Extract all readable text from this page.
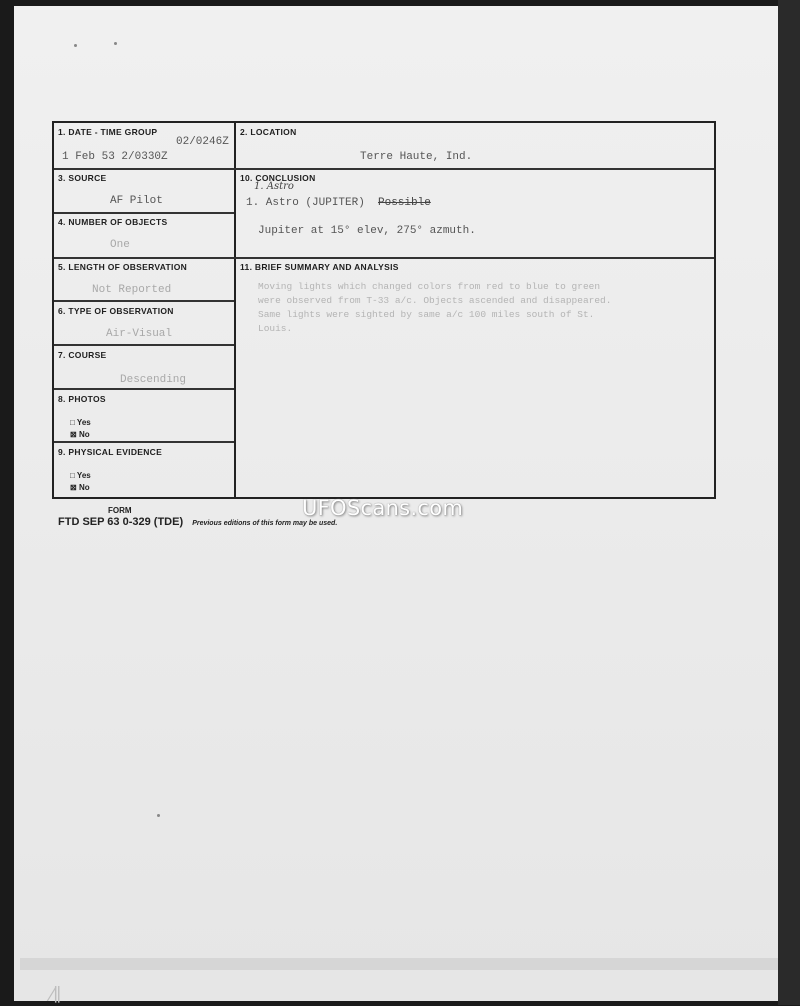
1. DATE - TIME GROUP
02/0246Z
1 Feb 53 2/0330Z
2. LOCATION
Terre Haute, Ind.
3. SOURCE
AF Pilot
10. CONCLUSION
1. Astro
1. Astro (JUPITER) Possible
Jupiter at 15° elev, 275° azmuth.
4. NUMBER OF OBJECTS
One
5. LENGTH OF OBSERVATION
Not Reported
11. BRIEF SUMMARY AND ANALYSIS
Moving lights which changed colors from red to blue to green
were observed from T-33 a/c. Objects ascended and disappeared.
Same lights were sighted by same a/c 100 miles south of St.
Louis.
6. TYPE OF OBSERVATION
Air-Visual
7. COURSE
Descending
8. PHOTOS
□ Yes
⊠ No
9. PHYSICAL EVIDENCE
□ Yes
⊠ No
FORM
FTD SEP 63 0-329 (TDE) Previous editions of this form may be used.
UFOScans.com
⁄∥
